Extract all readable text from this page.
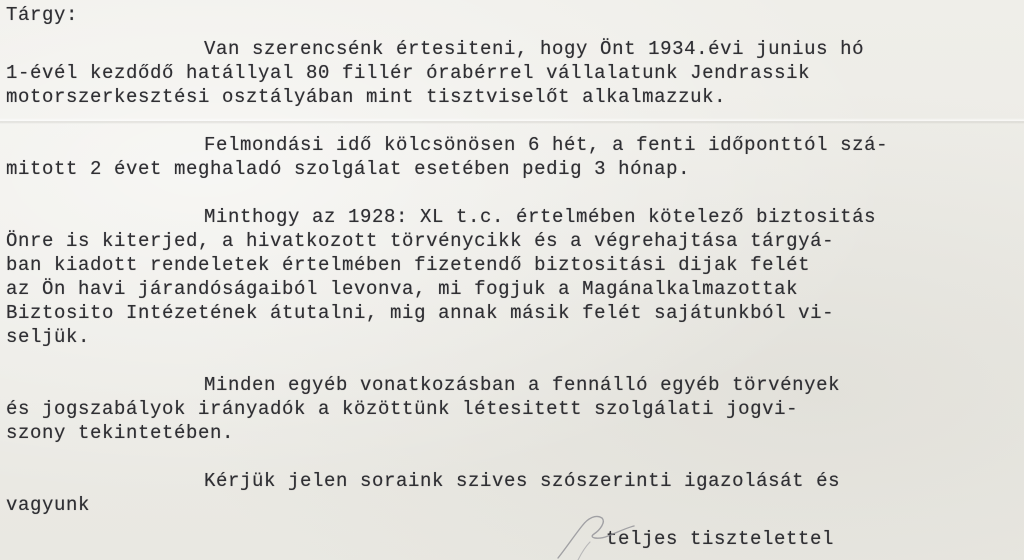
Tárgy:
Van szerencsénk értesiteni, hogy Önt 1934.évi junius hó
1-évél kezdődő hatállyal 80 fillér órabérrel vállalatunk Jendrassik
motorszerkesztési osztályában mint tisztviselőt alkalmazzuk.
Felmondási idő kölcsönösen 6 hét, a fenti időponttól szá-
mitott 2 évet meghaladó szolgálat esetében pedig 3 hónap.
Minthogy az 1928: XL t.c. értelmében kötelező biztositás
Önre is kiterjed, a hivatkozott törvénycikk és a végrehajtása tárgyá-
ban kiadott rendeletek értelmében fizetendő biztositási dijak felét
az Ön havi járandóságaiból levonva, mi fogjuk a Magánalkalmazottak
Biztosito Intézetének átutalni, mig annak másik felét sajátunkból vi-
seljük.
Minden egyéb vonatkozásban a fennálló egyéb törvények
és jogszabályok irányadók a közöttünk létesitett szolgálati jogvi-
szony tekintetében.
Kérjük jelen soraink szives szószerinti igazolását és
vagyunk
teljes tisztelettel
